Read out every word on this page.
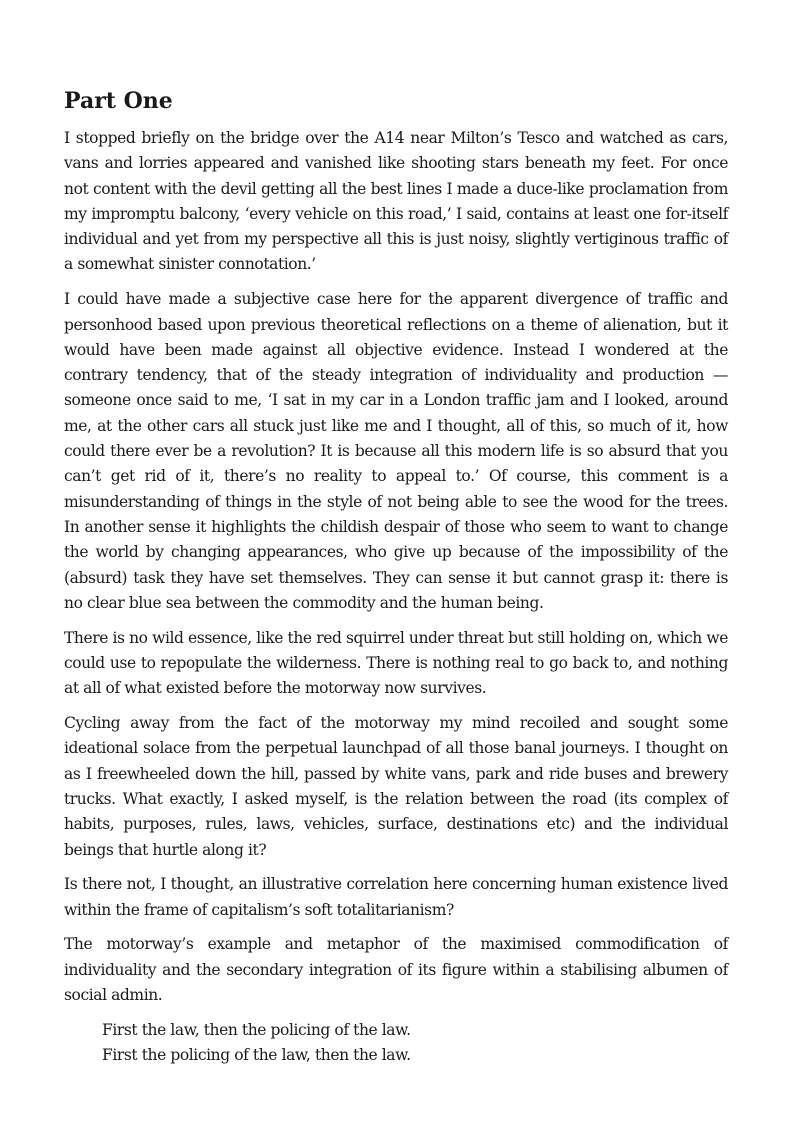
Part One

I stopped briefly on the bridge over the A14 near Milton’s Tesco and watched as cars, vans and lorries appeared and vanished like shooting stars beneath my feet. For once not content with the devil getting all the best lines I made a duce-like proclamation from my impromptu balcony, ‘every vehicle on this road,’ I said, contains at least one for-itself individual and yet from my perspective all this is just noisy, slightly vertiginous traffic of a somewhat sinister connotation.’

I could have made a subjective case here for the apparent divergence of traffic and personhood based upon previous theoretical reflections on a theme of alienation, but it would have been made against all objective evidence. Instead I wondered at the contrary tendency, that of the steady integration of individuality and production — someone once said to me, ‘I sat in my car in a London traffic jam and I looked, around me, at the other cars all stuck just like me and I thought, all of this, so much of it, how could there ever be a revolution? It is because all this modern life is so absurd that you can’t get rid of it, there’s no reality to appeal to.’ Of course, this comment is a misunderstanding of things in the style of not being able to see the wood for the trees. In another sense it highlights the childish despair of those who seem to want to change the world by changing appearances, who give up because of the impossibility of the (absurd) task they have set themselves. They can sense it but cannot grasp it: there is no clear blue sea between the commodity and the human being.

There is no wild essence, like the red squirrel under threat but still holding on, which we could use to repopulate the wilderness. There is nothing real to go back to, and nothing at all of what existed before the motorway now survives.

Cycling away from the fact of the motorway my mind recoiled and sought some ideational solace from the perpetual launchpad of all those banal journeys. I thought on as I freewheeled down the hill, passed by white vans, park and ride buses and brewery trucks. What exactly, I asked myself, is the relation between the road (its complex of habits, purposes, rules, laws, vehicles, surface, destinations etc) and the individual beings that hurtle along it?

Is there not, I thought, an illustrative correlation here concerning human existence lived within the frame of capitalism’s soft totalitarianism?

The motorway’s example and metaphor of the maximised commodification of individuality and the secondary integration of its figure within a stabilising albumen of social admin.

First the law, then the policing of the law.
First the policing of the law, then the law.
